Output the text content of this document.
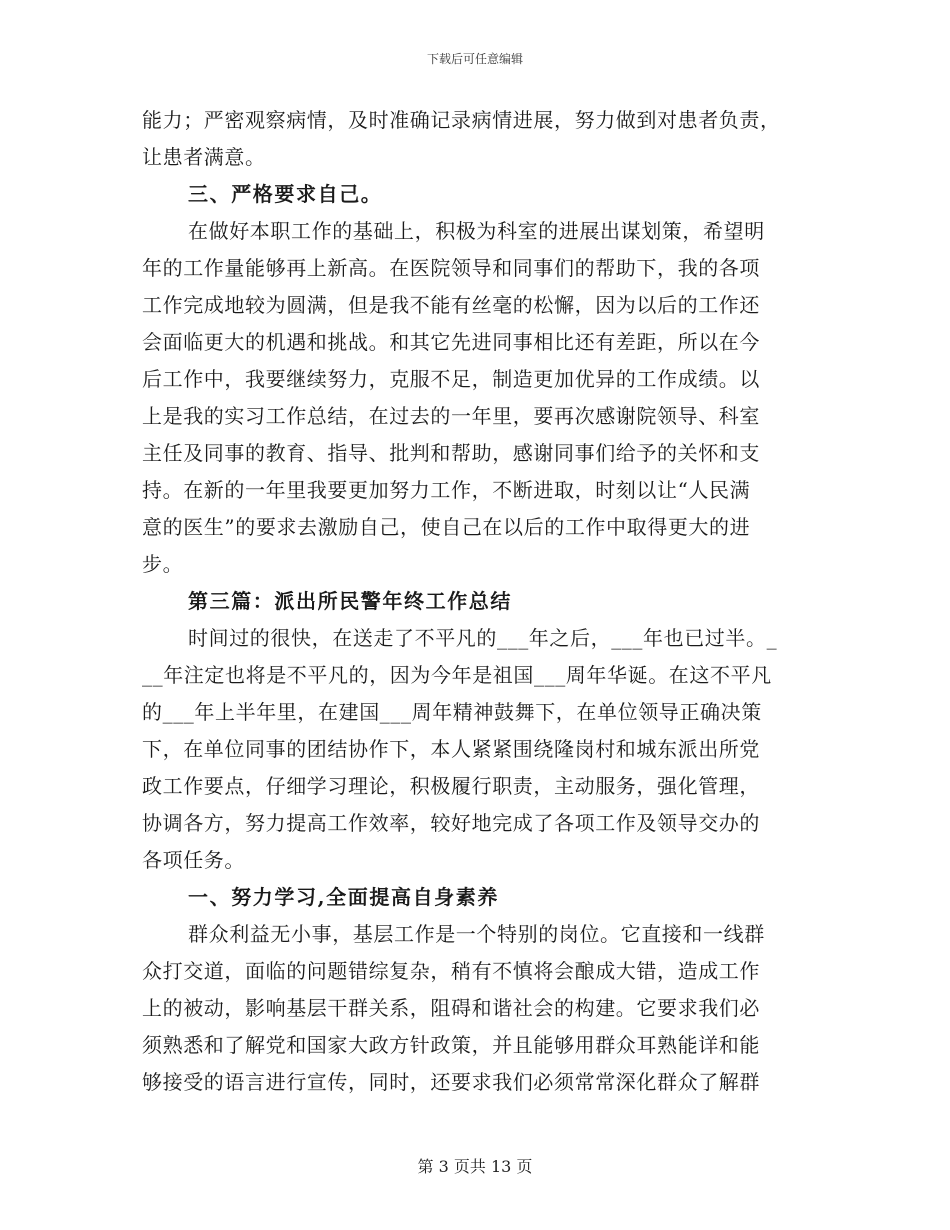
下载后可任意编辑
能力；严密观察病情，及时准确记录病情进展，努力做到对患者负责，
让患者满意。
三、严格要求自己。
在做好本职工作的基础上，积极为科室的进展出谋划策，希望明
年的工作量能够再上新高。在医院领导和同事们的帮助下，我的各项
工作完成地较为圆满，但是我不能有丝毫的松懈，因为以后的工作还
会面临更大的机遇和挑战。和其它先进同事相比还有差距，所以在今
后工作中，我要继续努力，克服不足，制造更加优异的工作成绩。以
上是我的实习工作总结，在过去的一年里，要再次感谢院领导、科室
主任及同事的教育、指导、批判和帮助，感谢同事们给予的关怀和支
持。在新的一年里我要更加努力工作，不断进取，时刻以让“人民满
意的医生”的要求去激励自己，使自己在以后的工作中取得更大的进
步。
第三篇：派出所民警年终工作总结
时间过的很快，在送走了不平凡的___年之后，___年也已过半。_
__年注定也将是不平凡的，因为今年是祖国___周年华诞。在这不平凡
的___年上半年里，在建国___周年精神鼓舞下，在单位领导正确决策
下，在单位同事的团结协作下，本人紧紧围绕隆岗村和城东派出所党
政工作要点，仔细学习理论，积极履行职责，主动服务，强化管理，
协调各方，努力提高工作效率，较好地完成了各项工作及领导交办的
各项任务。
一、努力学习,全面提高自身素养
群众利益无小事，基层工作是一个特别的岗位。它直接和一线群
众打交道，面临的问题错综复杂，稍有不慎将会酿成大错，造成工作
上的被动，影响基层干群关系，阻碍和谐社会的构建。它要求我们必
须熟悉和了解党和国家大政方针政策，并且能够用群众耳熟能详和能
够接受的语言进行宣传，同时，还要求我们必须常常深化群众了解群
第 3 页共 13 页
